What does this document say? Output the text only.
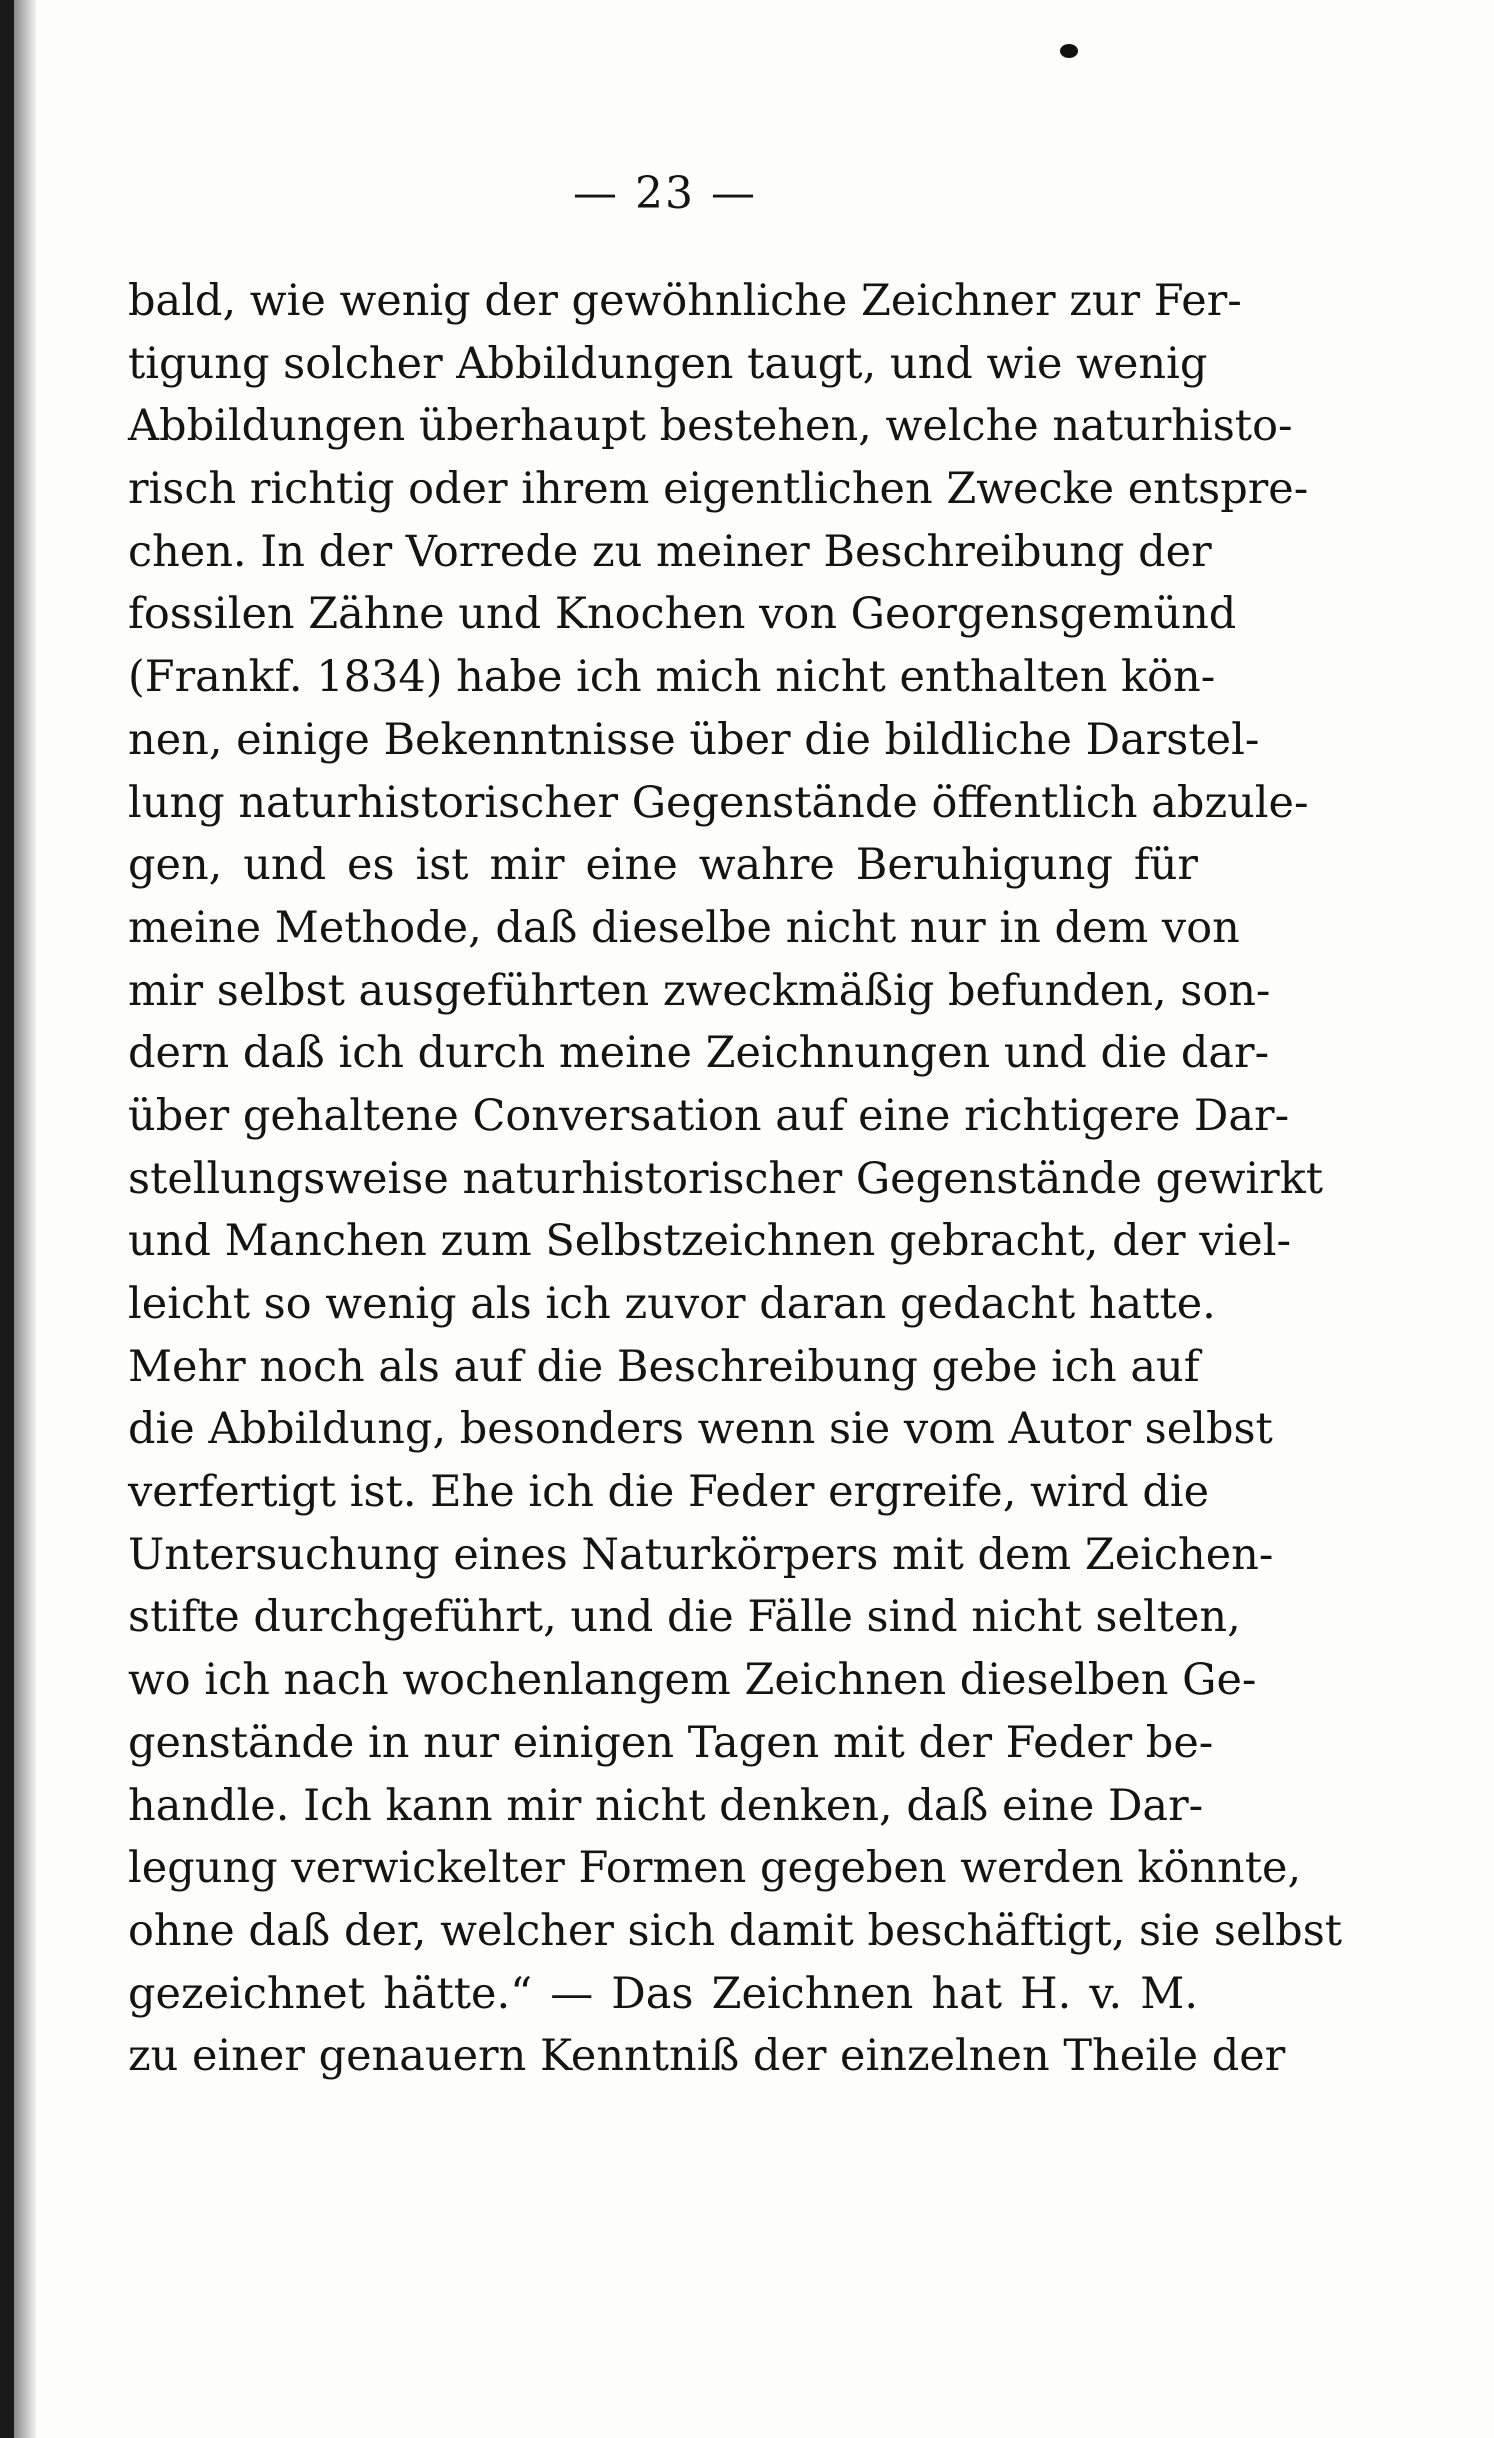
— 23 —
bald, wie wenig der gewöhnliche Zeichner zur Fer-
tigung solcher Abbildungen taugt, und wie wenig
Abbildungen überhaupt bestehen, welche naturhisto-
risch richtig oder ihrem eigentlichen Zwecke entspre-
chen. In der Vorrede zu meiner Beschreibung der
fossilen Zähne und Knochen von Georgensgemünd
(Frankf. 1834) habe ich mich nicht enthalten kön-
nen, einige Bekenntnisse über die bildliche Darstel-
lung naturhistorischer Gegenstände öffentlich abzule-
gen, und es ist mir eine wahre Beruhigung für
meine Methode, daß dieselbe nicht nur in dem von
mir selbst ausgeführten zweckmäßig befunden, son-
dern daß ich durch meine Zeichnungen und die dar-
über gehaltene Conversation auf eine richtigere Dar-
stellungsweise naturhistorischer Gegenstände gewirkt
und Manchen zum Selbstzeichnen gebracht, der viel-
leicht so wenig als ich zuvor daran gedacht hatte.
Mehr noch als auf die Beschreibung gebe ich auf
die Abbildung, besonders wenn sie vom Autor selbst
verfertigt ist. Ehe ich die Feder ergreife, wird die
Untersuchung eines Naturkörpers mit dem Zeichen-
stifte durchgeführt, und die Fälle sind nicht selten,
wo ich nach wochenlangem Zeichnen dieselben Ge-
genstände in nur einigen Tagen mit der Feder be-
handle. Ich kann mir nicht denken, daß eine Dar-
legung verwickelter Formen gegeben werden könnte,
ohne daß der, welcher sich damit beschäftigt, sie selbst
gezeichnet hätte.“ — Das Zeichnen hat H. v. M.
zu einer genauern Kenntniß der einzelnen Theile der
